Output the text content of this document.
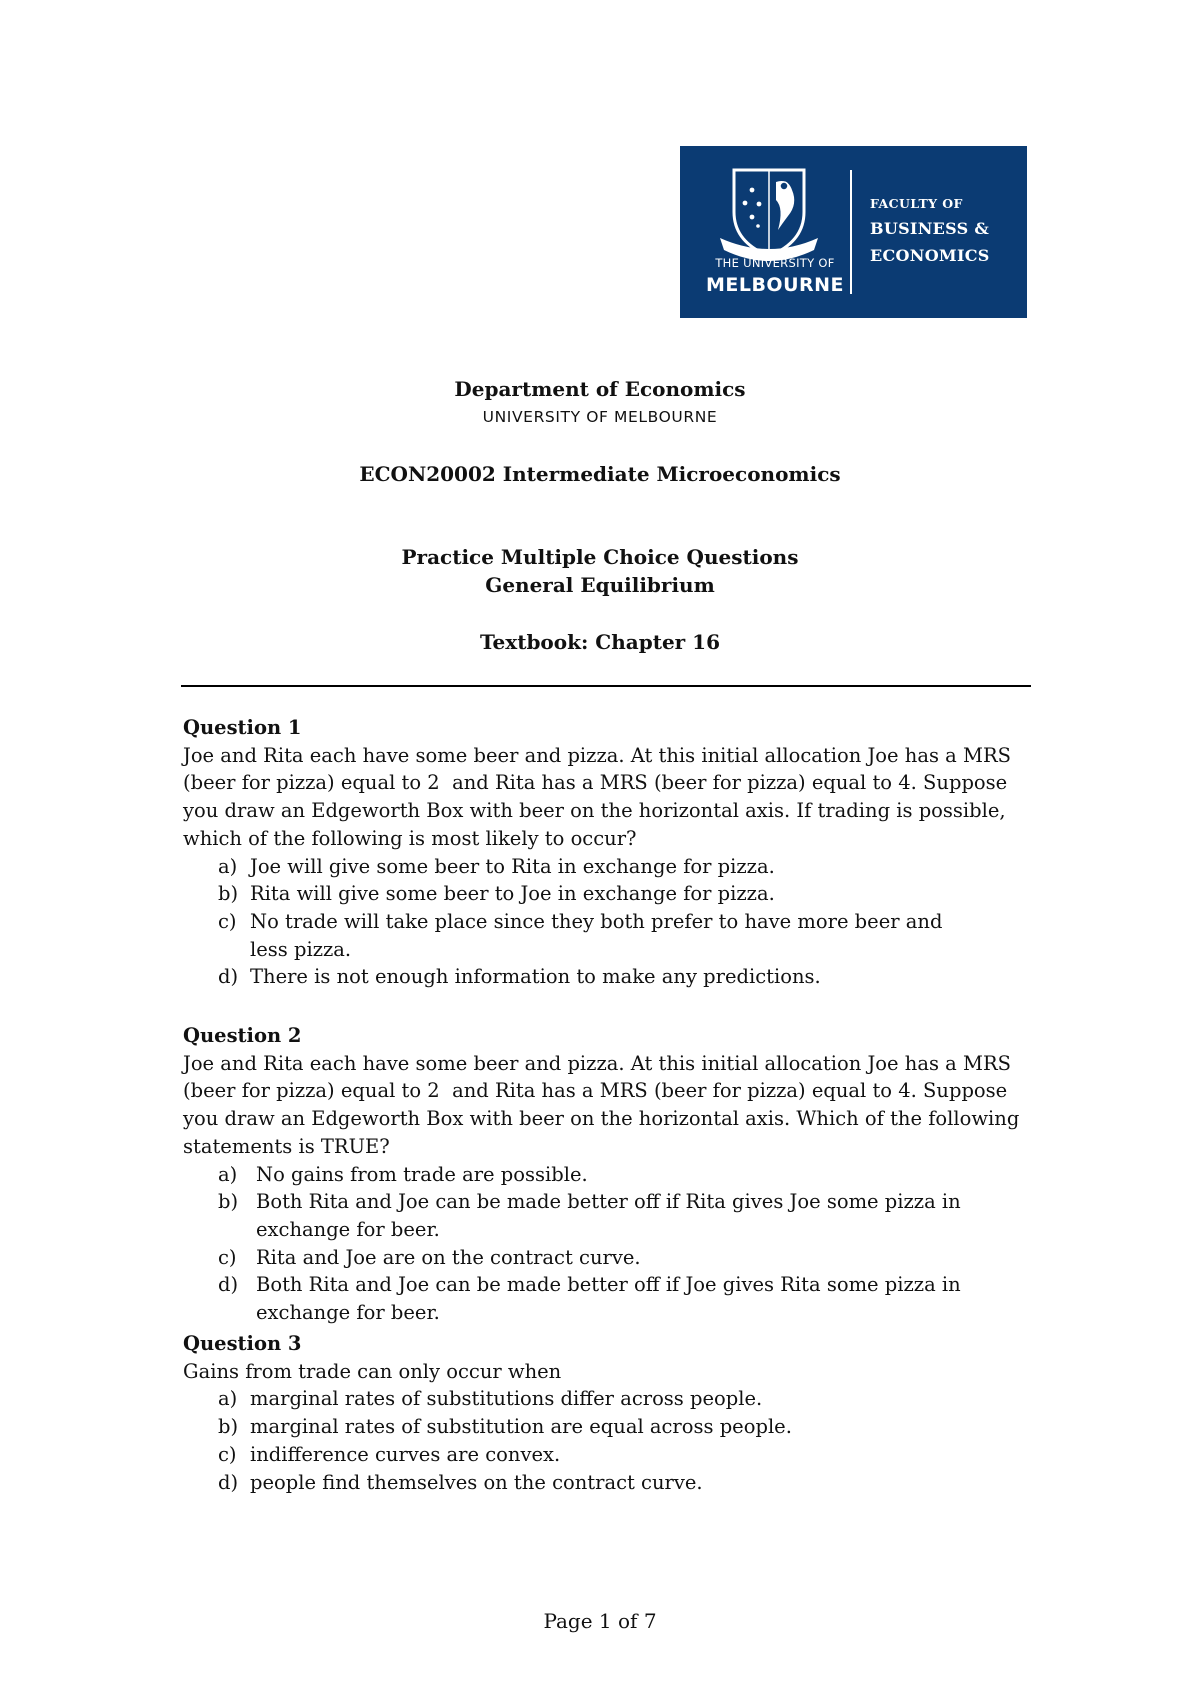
THE UNIVERSITY OF
MELBOURNE
FACULTY OF
BUSINESS &
ECONOMICS
Department of Economics
UNIVERSITY OF MELBOURNE
ECON20002 Intermediate Microeconomics
Practice Multiple Choice Questions
General Equilibrium
Textbook: Chapter 16
Question 1
Joe and Rita each have some beer and pizza. At this initial allocation Joe has a MRS
(beer for pizza) equal to 2  and Rita has a MRS (beer for pizza) equal to 4. Suppose
you draw an Edgeworth Box with beer on the horizontal axis. If trading is possible,
which of the following is most likely to occur?
a) Joe will give some beer to Rita in exchange for pizza.
b) Rita will give some beer to Joe in exchange for pizza.
c) No trade will take place since they both prefer to have more beer and less pizza.
d) There is not enough information to make any predictions.
Question 2
Joe and Rita each have some beer and pizza. At this initial allocation Joe has a MRS
(beer for pizza) equal to 2  and Rita has a MRS (beer for pizza) equal to 4. Suppose
you draw an Edgeworth Box with beer on the horizontal axis. Which of the following
statements is TRUE?
a) No gains from trade are possible.
b) Both Rita and Joe can be made better off if Rita gives Joe some pizza in exchange for beer.
c) Rita and Joe are on the contract curve.
d) Both Rita and Joe can be made better off if Joe gives Rita some pizza in exchange for beer.
Question 3
Gains from trade can only occur when
a) marginal rates of substitutions differ across people.
b) marginal rates of substitution are equal across people.
c) indifference curves are convex.
d) people find themselves on the contract curve.
Page 1 of 7
